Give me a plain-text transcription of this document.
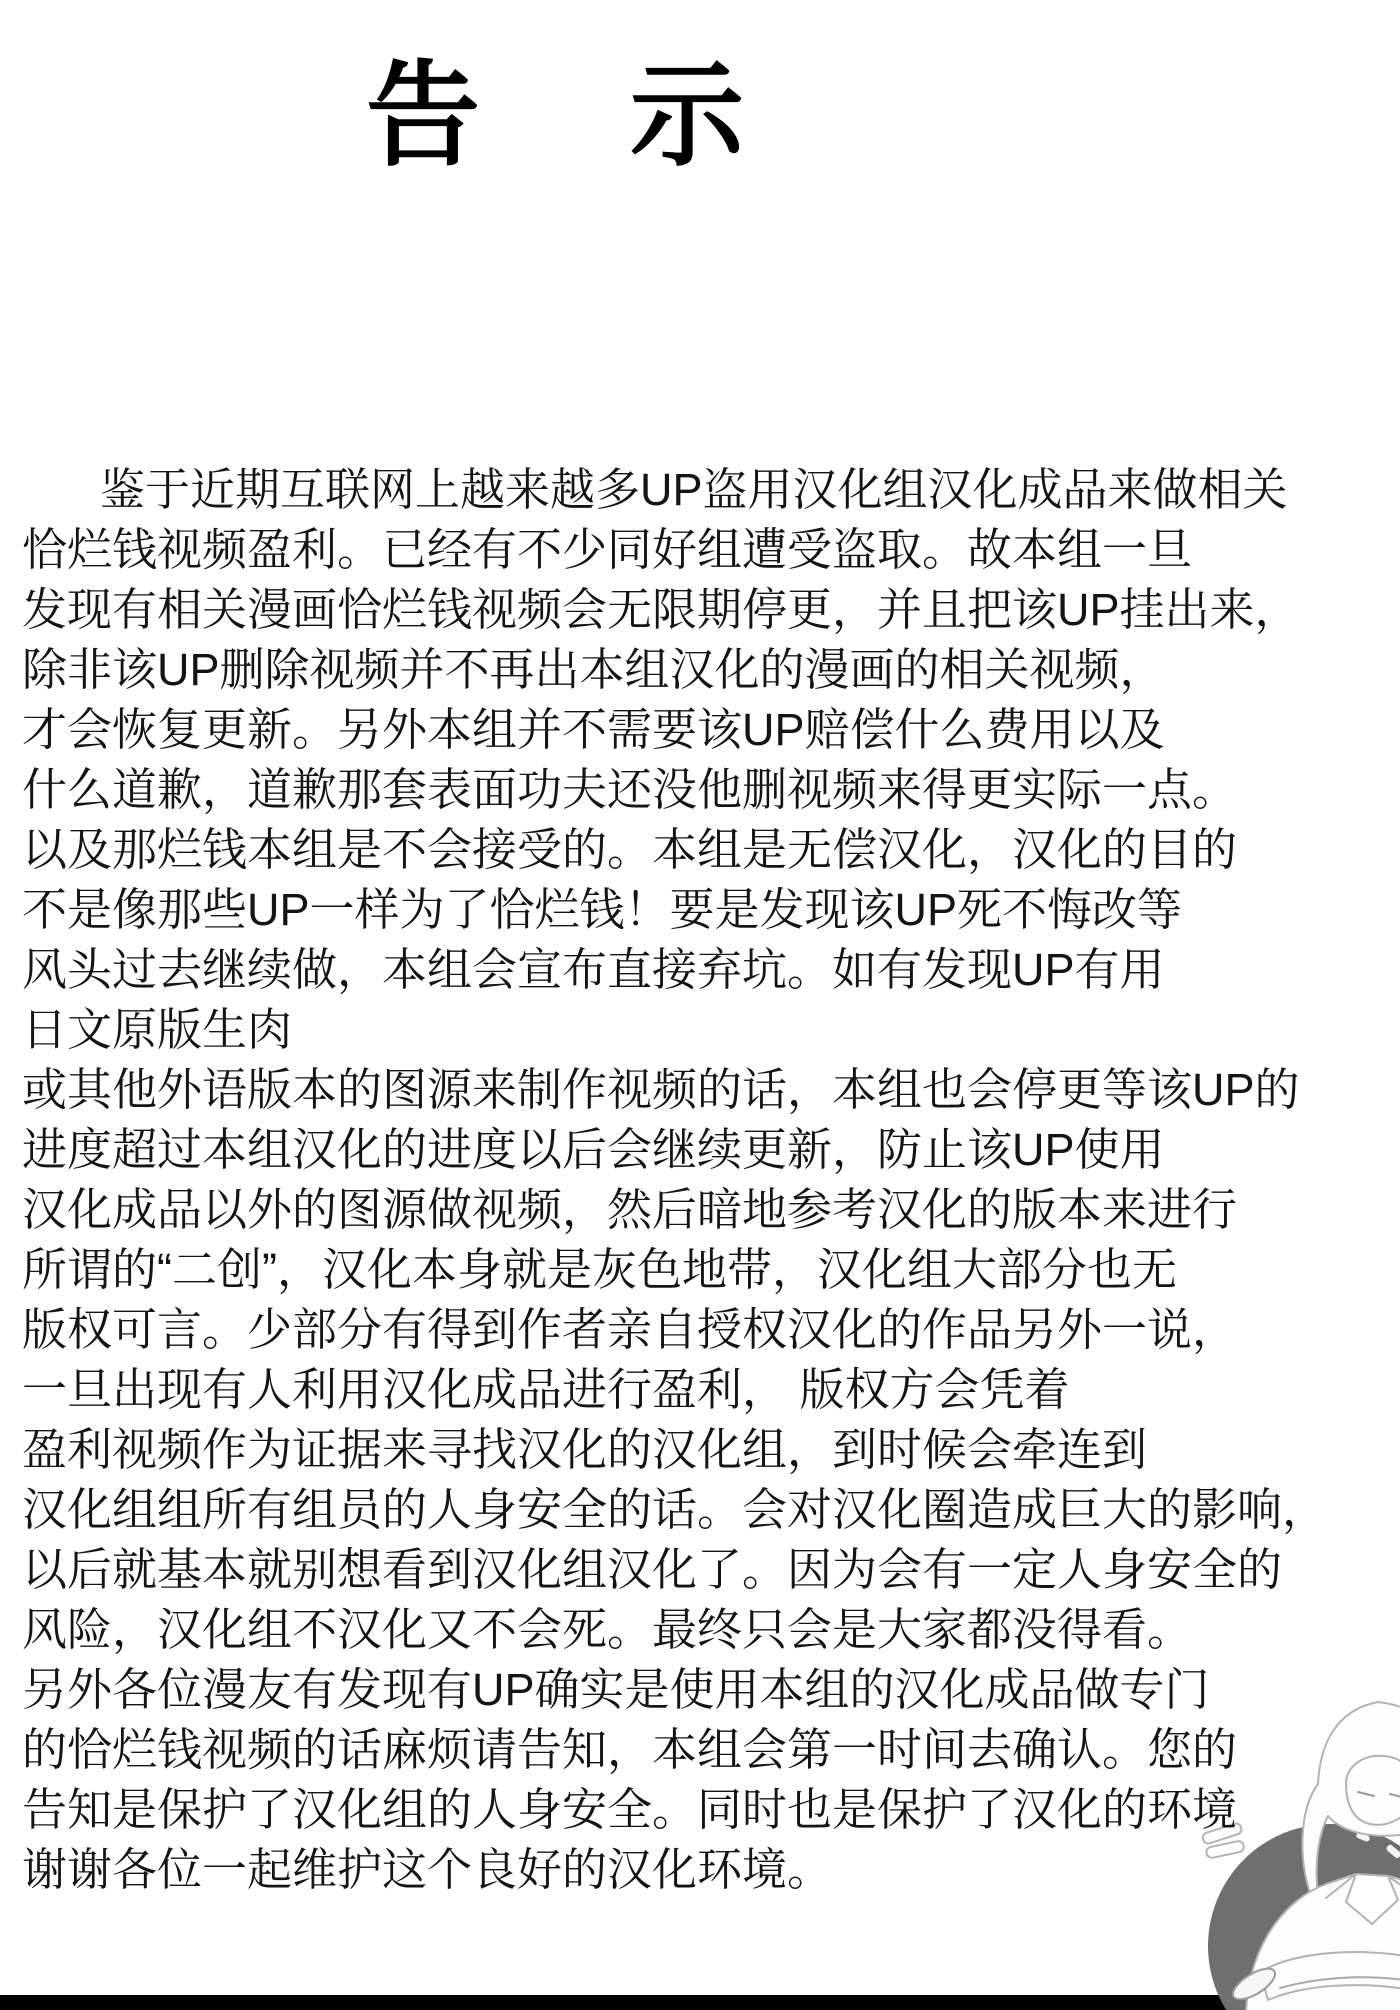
告 示
鉴于近期互联网上越来越多UP盗用汉化组汉化成品来做相关
恰烂钱视频盈利。已经有不少同好组遭受盗取。故本组一旦
发现有相关漫画恰烂钱视频会无限期停更，并且把该UP挂出来，
除非该UP删除视频并不再出本组汉化的漫画的相关视频，
才会恢复更新。另外本组并不需要该UP赔偿什么费用以及
什么道歉，道歉那套表面功夫还没他删视频来得更实际一点。
以及那烂钱本组是不会接受的。本组是无偿汉化，汉化的目的
不是像那些UP一样为了恰烂钱！要是发现该UP死不悔改等
风头过去继续做，本组会宣布直接弃坑。如有发现UP有用
日文原版生肉
或其他外语版本的图源来制作视频的话，本组也会停更等该UP的
进度超过本组汉化的进度以后会继续更新，防止该UP使用
汉化成品以外的图源做视频，然后暗地参考汉化的版本来进行
所谓的“二创”，汉化本身就是灰色地带，汉化组大部分也无
版权可言。少部分有得到作者亲自授权汉化的作品另外一说，
一旦出现有人利用汉化成品进行盈利， 版权方会凭着
盈利视频作为证据来寻找汉化的汉化组，到时候会牵连到
汉化组组所有组员的人身安全的话。会对汉化圈造成巨大的影响，
以后就基本就别想看到汉化组汉化了。因为会有一定人身安全的
风险，汉化组不汉化又不会死。最终只会是大家都没得看。
另外各位漫友有发现有UP确实是使用本组的汉化成品做专门
的恰烂钱视频的话麻烦请告知，本组会第一时间去确认。您的
告知是保护了汉化组的人身安全。同时也是保护了汉化的环境
谢谢各位一起维护这个良好的汉化环境。
